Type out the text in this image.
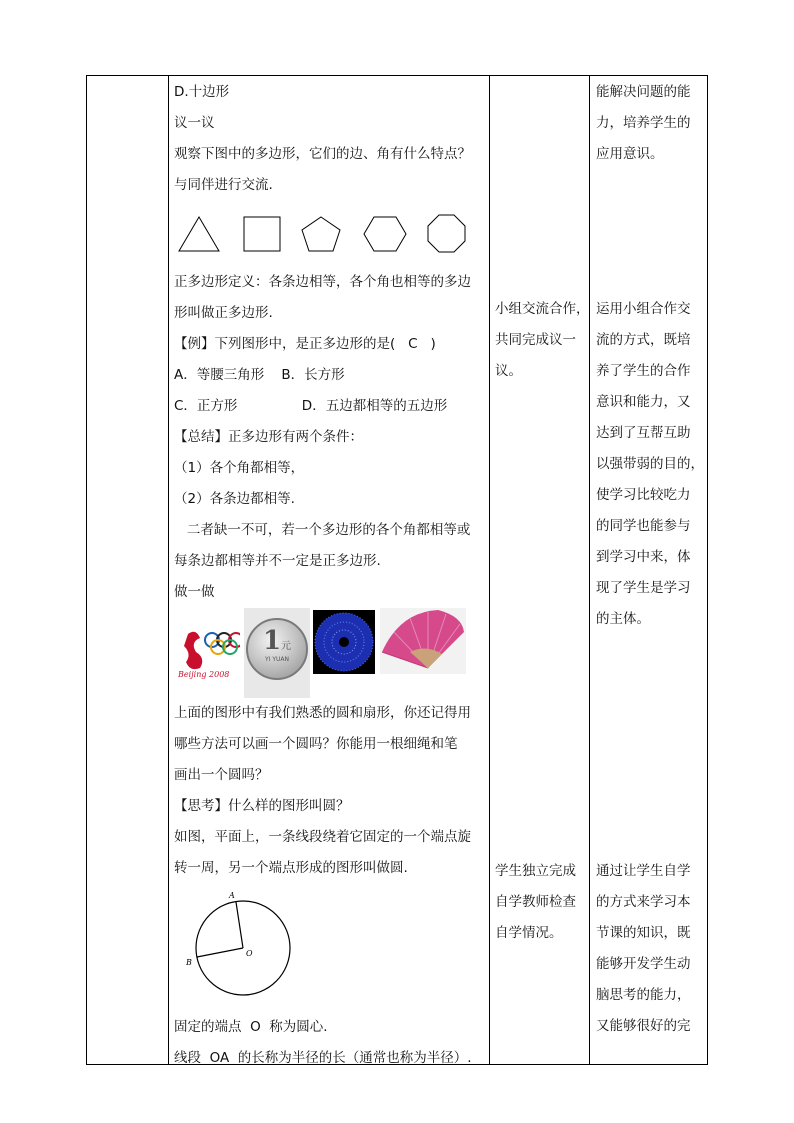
D.十边形

议一议

观察下图中的多边形，它们的边、角有什么特点？

与同伴进行交流.

正多边形定义：各条边相等，各个角也相等的多边

形叫做正多边形.

【例】下列图形中，是正多边形的是(   C   )

A．等腰三角形    B．长方形

C．正方形               D．五边都相等的五边形

【总结】正多边形有两个条件：

（1）各个角都相等，

（2）各条边都相等.

二者缺一不可，若一个多边形的各个角都相等或

每条边都相等并不一定是正多边形.

做一做

Beijing 2008
1元
YI YUAN

上面的图形中有我们熟悉的圆和扇形，你还记得用

哪些方法可以画一个圆吗？你能用一根细绳和笔

画出一个圆吗？

【思考】什么样的图形叫圆？

如图，平面上，一条线段绕着它固定的一个端点旋

转一周，另一个端点形成的图形叫做圆.

A
B
O

固定的端点  O  称为圆心.

线段  OA  的长称为半径的长（通常也称为半径）.

小组交流合作，

共同完成议一

议。

学生独立完成

自学教师检查

自学情况。

能解决问题的能

力，培养学生的

应用意识。

运用小组合作交

流的方式，既培

养了学生的合作

意识和能力，又

达到了互帮互助

以强带弱的目的，

使学习比较吃力

的同学也能参与

到学习中来，体

现了学生是学习

的主体。

通过让学生自学

的方式来学习本

节课的知识，既

能够开发学生动

脑思考的能力，

又能够很好的完
